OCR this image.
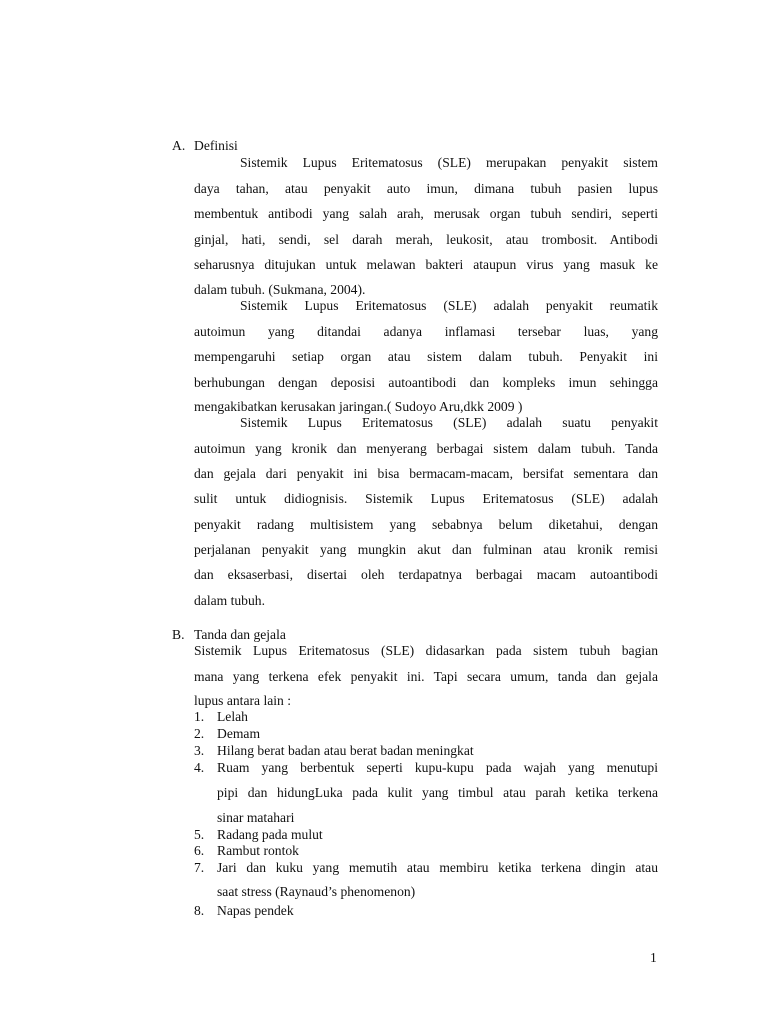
A. Definisi
Sistemik Lupus Eritematosus (SLE) merupakan penyakit sistem
daya tahan, atau penyakit auto imun, dimana tubuh pasien lupus
membentuk antibodi yang salah arah, merusak organ tubuh sendiri, seperti
ginjal, hati, sendi, sel darah merah, leukosit, atau trombosit. Antibodi
seharusnya ditujukan untuk melawan bakteri ataupun virus yang masuk ke
dalam tubuh. (Sukmana, 2004).
Sistemik Lupus Eritematosus (SLE) adalah penyakit reumatik
autoimun yang ditandai adanya inflamasi tersebar luas, yang
mempengaruhi setiap organ atau sistem dalam tubuh. Penyakit ini
berhubungan dengan deposisi autoantibodi dan kompleks imun sehingga
mengakibatkan kerusakan jaringan.( Sudoyo Aru,dkk 2009 )
Sistemik Lupus Eritematosus (SLE) adalah suatu penyakit
autoimun yang kronik dan menyerang berbagai sistem dalam tubuh. Tanda
dan gejala dari penyakit ini bisa bermacam-macam, bersifat sementara dan
sulit untuk didiognisis. Sistemik Lupus Eritematosus (SLE) adalah
penyakit radang multisistem yang sebabnya belum diketahui, dengan
perjalanan penyakit yang mungkin akut dan fulminan atau kronik remisi
dan eksaserbasi, disertai oleh terdapatnya berbagai macam autoantibodi
dalam tubuh.
B. Tanda dan gejala
Sistemik Lupus Eritematosus (SLE) didasarkan pada sistem tubuh bagian
mana yang terkena efek penyakit ini. Tapi secara umum, tanda dan gejala
lupus antara lain :
1. Lelah
2. Demam
3. Hilang berat badan atau berat badan meningkat
4. Ruam yang berbentuk seperti kupu-kupu pada wajah yang menutupi
pipi dan hidungLuka pada kulit yang timbul atau parah ketika terkena
sinar matahari
5. Radang pada mulut
6. Rambut rontok
7. Jari dan kuku yang memutih atau membiru ketika terkena dingin atau
saat stress (Raynaud’s phenomenon)
8. Napas pendek
1
